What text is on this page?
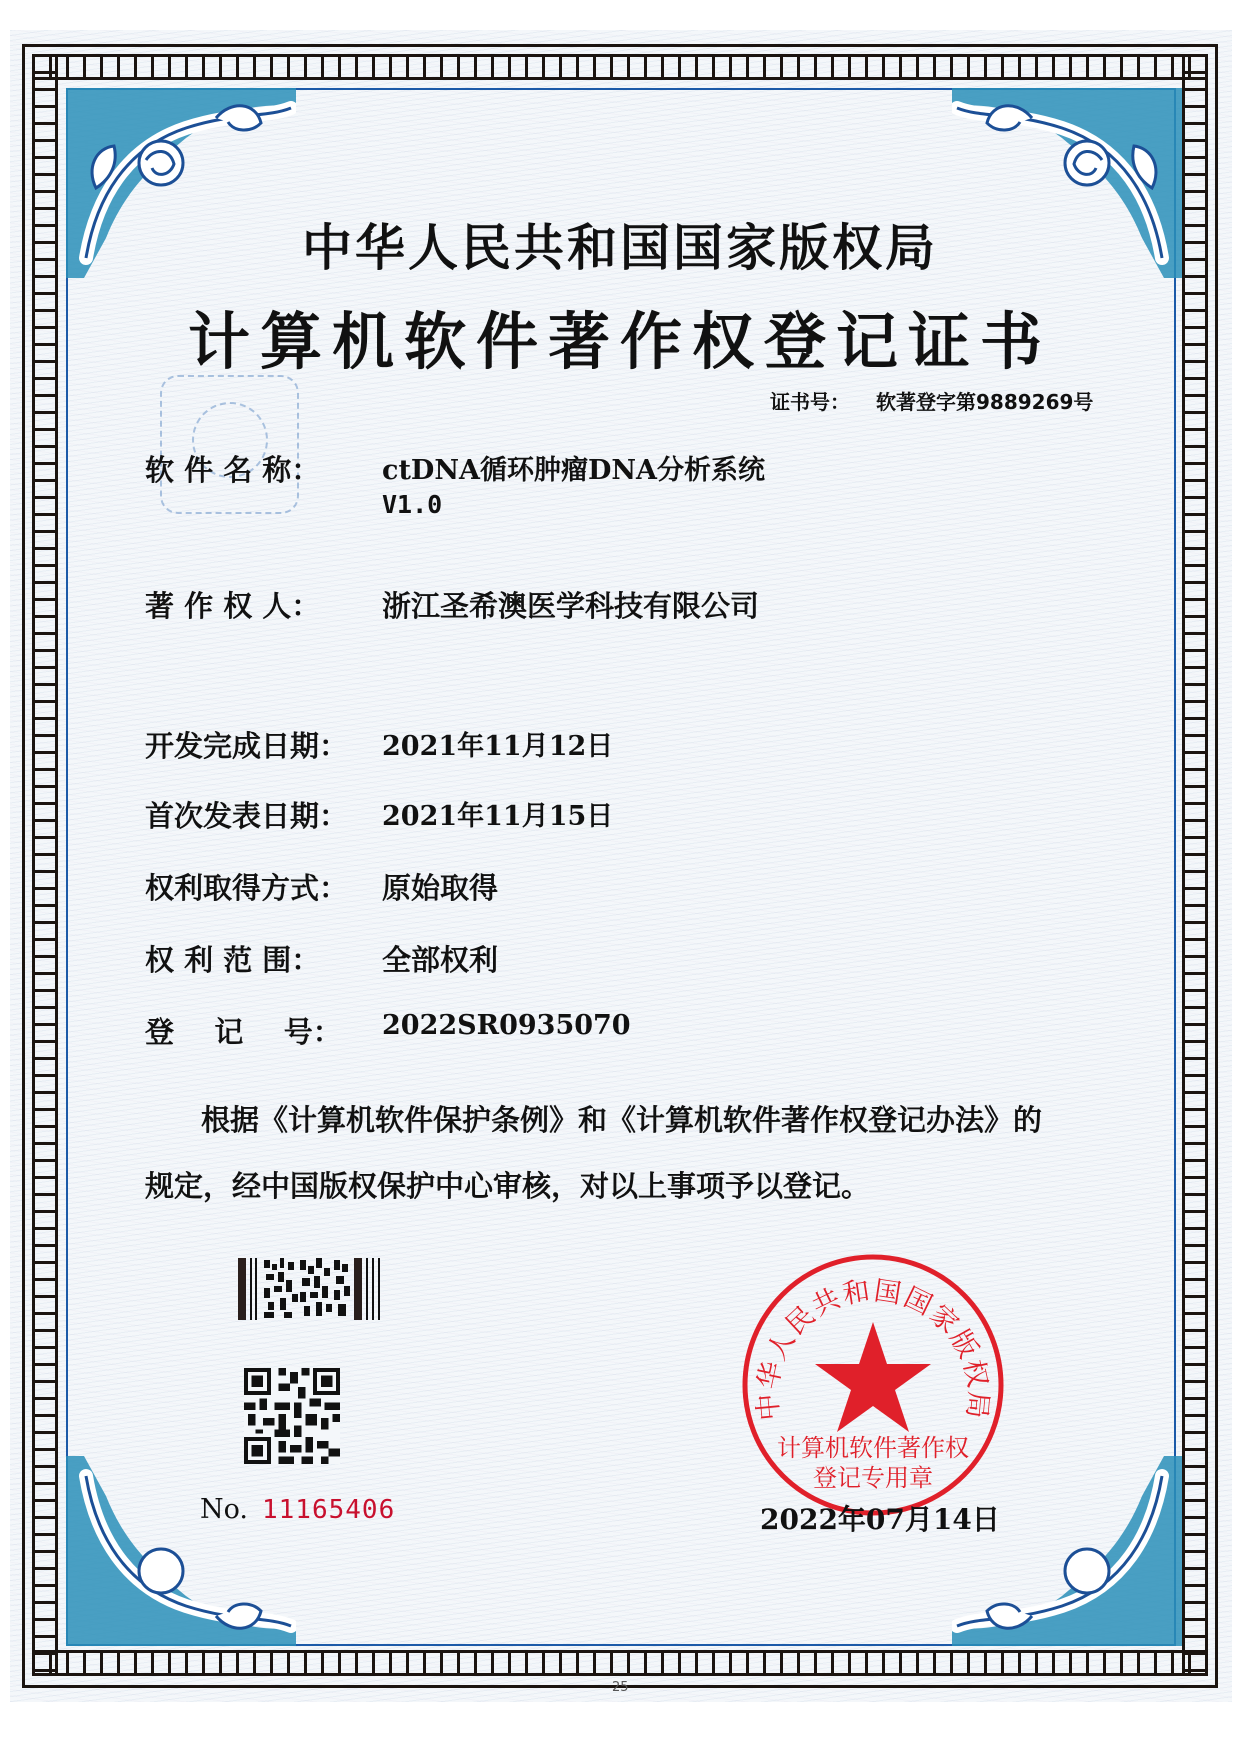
中华人民共和国国家版权局
计算机软件著作权登记证书
证书号： 软著登字第9889269号
软 件 名 称： ctDNA循环肿瘤DNA分析系统
V1.0
著 作 权 人： 浙江圣希澳医学科技有限公司
开发完成日期： 2021年11月12日
首次发表日期： 2021年11月15日
权利取得方式： 原始取得
权 利 范 围： 全部权利
登    记    号： 2022SR0935070
根据《计算机软件保护条例》和《计算机软件著作权登记办法》的
规定，经中国版权保护中心审核，对以上事项予以登记。
No. 11165406
中华人民共和国国家版权局
计算机软件著作权
登记专用章
2022年07月14日
25
